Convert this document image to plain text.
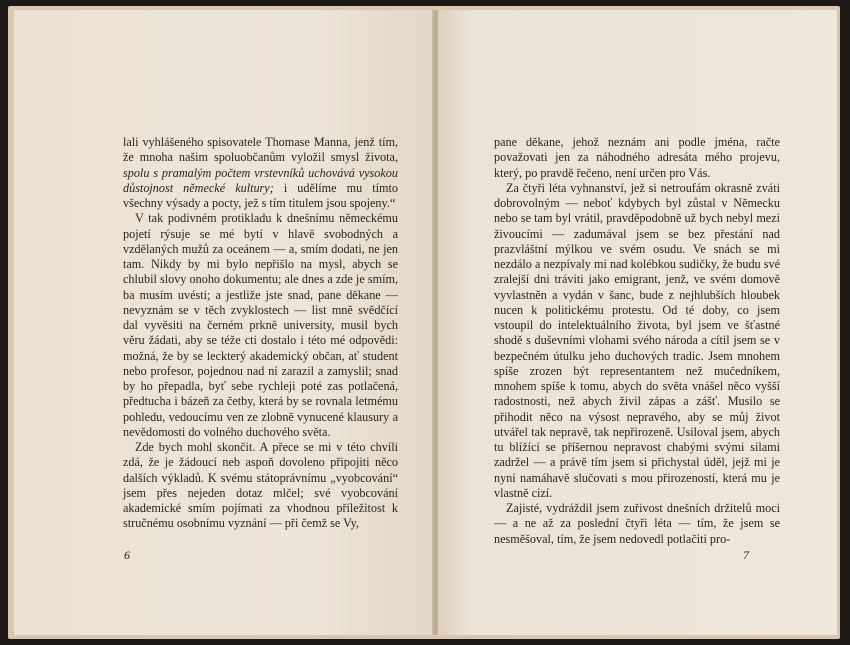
lali vyhlášeného spisovatele Thomase Manna, jenž tím, že mnoha našim spoluobčanům vyložil smysl života, spolu s pramalým počtem vrstevníků uchovává vysokou důstojnost německé kultury; i udělíme mu tímto všechny výsady a pocty, jež s tím titulem jsou spojeny.“

V tak podivném protikladu k dnešnímu německému pojetí rýsuje se mé bytí v hlavě svobodných a vzdělaných mužů za oceánem — a, smím dodati, ne jen tam. Nikdy by mi bylo nepřišlo na mysl, abych se chlubil slovy onoho dokumentu; ale dnes a zde je smím, ba musím uvésti; a jestliže jste snad, pane děkane — nevyznám se v těch zvyklostech — list mně svědčící dal vyvěsiti na černém prkně university, musil bych věru žádati, aby se téže cti dostalo i této mé odpovědi: možná, že by se leckterý akademický občan, ať student nebo profesor, pojednou nad ní zarazil a zamyslil; snad by ho přepadla, byť sebe rychleji poté zas potlačená, předtucha i bázeň za četby, která by se rovnala letmému pohledu, vedoucímu ven ze zlobně vynucené klausury a nevědomosti do volného duchového světa.

Zde bych mohl skončit. A přece se mi v této chvíli zdá, že je žádoucí neb aspoň dovoleno připojiti něco dalších výkladů. K svému státoprávnímu „vyobcování“ jsem přes nejeden dotaz mlčel; své vyobcování akademické smím pojímati za vhodnou příležitost k stručnému osobnímu vyznání — při čemž se Vy,

6

pane děkane, jehož neznám ani podle jména, račte považovati jen za náhodného adresáta mého projevu, který, po pravdě řečeno, není určen pro Vás.

Za čtyři léta vyhnanství, jež si netroufám okrasně zváti dobrovolným — neboť kdybych byl zůstal v Německu nebo se tam byl vrátil, pravděpodobně už bych nebyl mezi živoucími — zadumával jsem se bez přestání nad prazvláštní mýlkou ve svém osudu. Ve snách se mi nezdálo a nezpívaly mi nad kolébkou sudičky, že budu své zralejší dni tráviti jako emigrant, jenž, ve svém domově vyvlastněn a vydán v šanc, bude z nejhlubších hloubek nucen k politickému protestu. Od té doby, co jsem vstoupil do intelektuálního života, byl jsem ve šťastné shodě s duševními vlohami svého národa a cítil jsem se v bezpečném útulku jeho duchových tradic. Jsem mnohem spíše zrozen být representantem než mučedníkem, mnohem spíše k tomu, abych do světa vnášel něco vyšší radostnosti, než abych živil zápas a zášť. Musilo se přihodit něco na výsost nepravého, aby se můj život utvářel tak nepravě, tak nepřirozeně. Usiloval jsem, abych tu blížící se příšernou nepravost chabými svými silami zadržel — a právě tím jsem si přichystal úděl, jejž mi je nyní namáhavě slučovati s mou přirozeností, která mu je vlastně cizí.

Zajisté, vydráždil jsem zuřivost dnešních držitelů moci — a ne až za poslední čtyři léta — tím, že jsem se nesměšoval, tím, že jsem nedovedl potlačiti pro-

7
